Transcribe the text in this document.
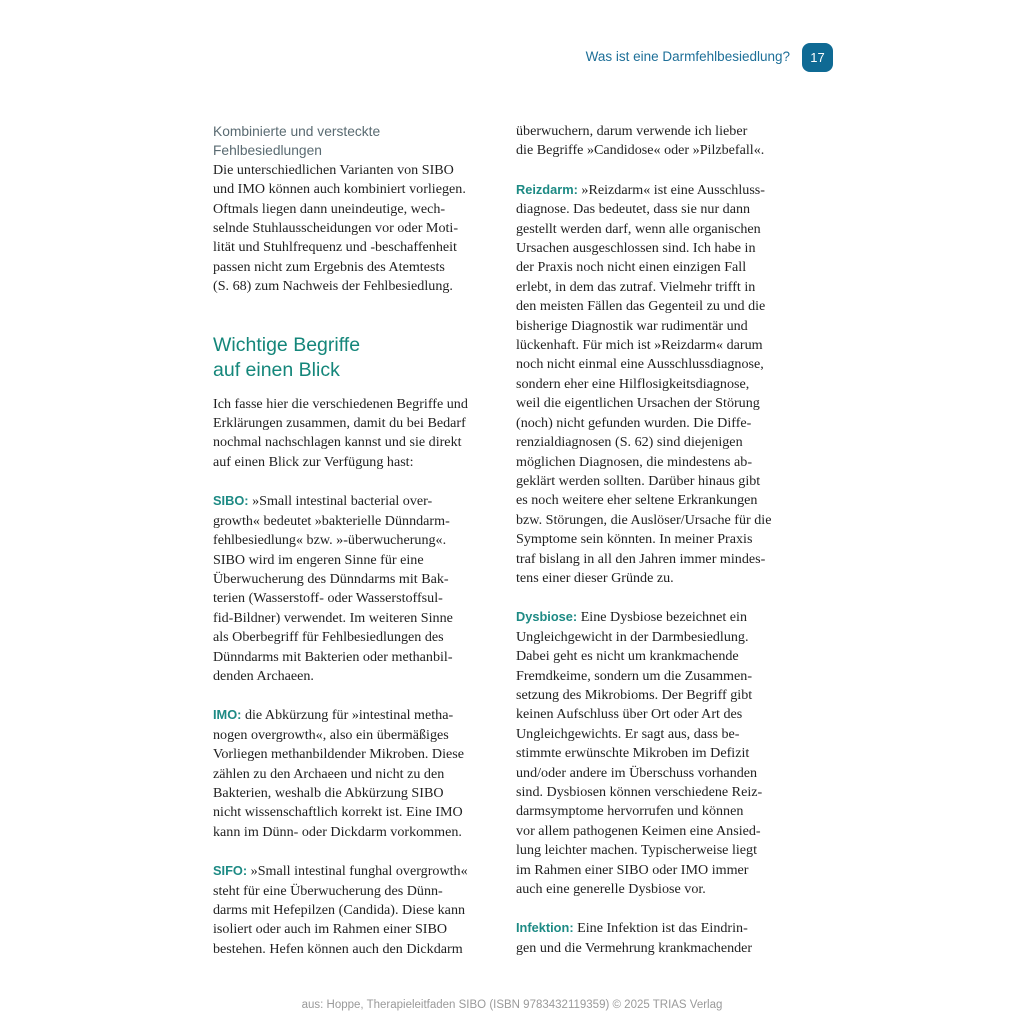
Was ist eine Darmfehlbesiedlung?	17
Kombinierte und versteckte
Fehlbesiedlungen
Die unterschiedlichen Varianten von SIBO
und IMO können auch kombiniert vorliegen.
Oftmals liegen dann uneindeutige, wech-
selnde Stuhlausscheidungen vor oder Moti-
lität und Stuhlfrequenz und -beschaffenheit
passen nicht zum Ergebnis des Atemtests
(S. 68) zum Nachweis der Fehlbesiedlung.
Wichtige Begriffe
auf einen Blick
Ich fasse hier die verschiedenen Begriffe und
Erklärungen zusammen, damit du bei Bedarf
nochmal nachschlagen kannst und sie direkt
auf einen Blick zur Verfügung hast:
SIBO: »Small intestinal bacterial over-
growth« bedeutet »bakterielle Dünndarm-
fehlbesiedlung« bzw. »-überwucherung«.
SIBO wird im engeren Sinne für eine
Überwucherung des Dünndarms mit Bak-
terien (Wasserstoff- oder Wasserstoffsul-
fid-Bildner) verwendet. Im weiteren Sinne
als Oberbegriff für Fehlbesiedlungen des
Dünndarms mit Bakterien oder methanbil-
denden Archaeen.
IMO: die Abkürzung für »intestinal metha-
nogen overgrowth«, also ein übermäßiges
Vorliegen methanbildender Mikroben. Diese
zählen zu den Archaeen und nicht zu den
Bakterien, weshalb die Abkürzung SIBO
nicht wissenschaftlich korrekt ist. Eine IMO
kann im Dünn- oder Dickdarm vorkommen.
SIFO: »Small intestinal funghal overgrowth«
steht für eine Überwucherung des Dünn-
darms mit Hefepilzen (Candida). Diese kann
isoliert oder auch im Rahmen einer SIBO
bestehen. Hefen können auch den Dickdarm
überwuchern, darum verwende ich lieber
die Begriffe »Candidose« oder »Pilzbefall«.
Reizdarm: »Reizdarm« ist eine Ausschluss-
diagnose. Das bedeutet, dass sie nur dann
gestellt werden darf, wenn alle organischen
Ursachen ausgeschlossen sind. Ich habe in
der Praxis noch nicht einen einzigen Fall
erlebt, in dem das zutraf. Vielmehr trifft in
den meisten Fällen das Gegenteil zu und die
bisherige Diagnostik war rudimentär und
lückenhaft. Für mich ist »Reizdarm« darum
noch nicht einmal eine Ausschlussdiagnose,
sondern eher eine Hilflosigkeitsdiagnose,
weil die eigentlichen Ursachen der Störung
(noch) nicht gefunden wurden. Die Diffe-
renzialdiagnosen (S. 62) sind diejenigen
möglichen Diagnosen, die mindestens ab-
geklärt werden sollten. Darüber hinaus gibt
es noch weitere eher seltene Erkrankungen
bzw. Störungen, die Auslöser/Ursache für die
Symptome sein könnten. In meiner Praxis
traf bislang in all den Jahren immer mindes-
tens einer dieser Gründe zu.
Dysbiose: Eine Dysbiose bezeichnet ein
Ungleichgewicht in der Darmbesiedlung.
Dabei geht es nicht um krankmachende
Fremdkeime, sondern um die Zusammen-
setzung des Mikrobioms. Der Begriff gibt
keinen Aufschluss über Ort oder Art des
Ungleichgewichts. Er sagt aus, dass be-
stimmte erwünschte Mikroben im Defizit
und/oder andere im Überschuss vorhanden
sind. Dysbiosen können verschiedene Reiz-
darmsymptome hervorrufen und können
vor allem pathogenen Keimen eine Ansied-
lung leichter machen. Typischerweise liegt
im Rahmen einer SIBO oder IMO immer
auch eine generelle Dysbiose vor.
Infektion: Eine Infektion ist das Eindrin-
gen und die Vermehrung krankmachender
aus: Hoppe, Therapieleitfaden SIBO (ISBN 9783432119359) © 2025 TRIAS Verlag
